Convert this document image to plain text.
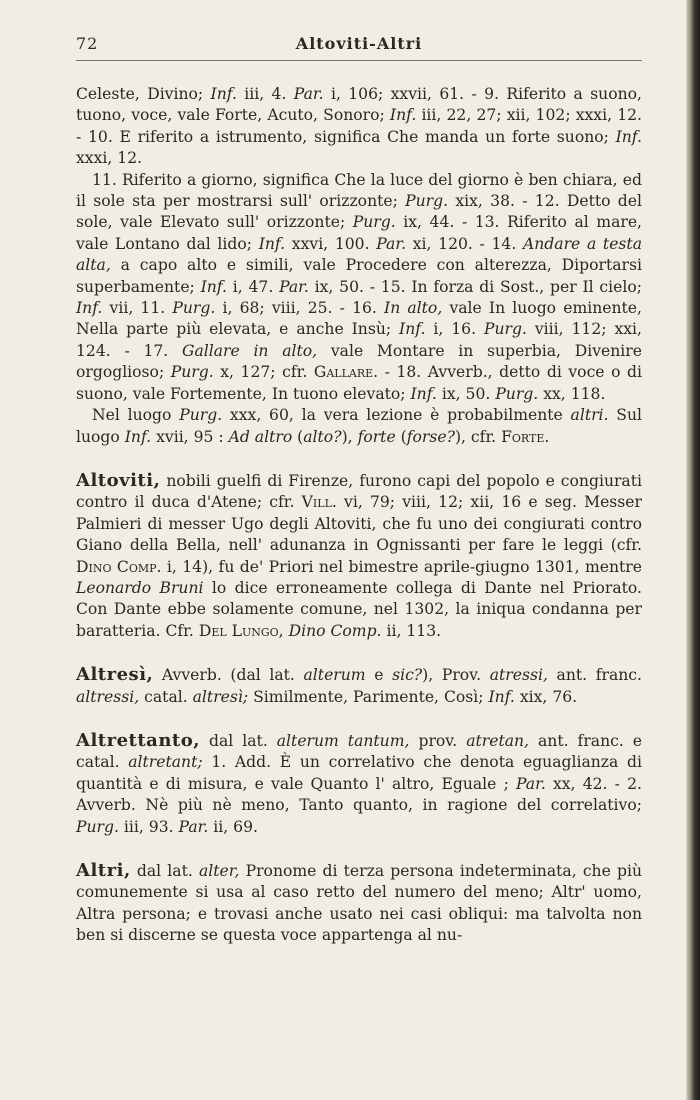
72	Altoviti-Altri

Celeste, Divino; Inf. iii, 4. Par. i, 106; xxvii, 61. - 9. Riferito a suono, tuono, voce, vale Forte, Acuto, Sonoro; Inf. iii, 22, 27; xii, 102; xxxi, 12. - 10. E riferito a istrumento, significa Che manda un forte suono; Inf. xxxi, 12.

11. Riferito a giorno, significa Che la luce del giorno è ben chiara, ed il sole sta per mostrarsi sull' orizzonte; Purg. xix, 38. - 12. Detto del sole, vale Elevato sull' orizzonte; Purg. ix, 44. - 13. Riferito al mare, vale Lontano dal lido; Inf. xxvi, 100. Par. xi, 120. - 14. Andare a testa alta, a capo alto e simili, vale Procedere con alterezza, Diportarsi superbamente; Inf. i, 47. Par. ix, 50. - 15. In forza di Sost., per Il cielo; Inf. vii, 11. Purg. i, 68; viii, 25. - 16. In alto, vale In luogo eminente, Nella parte più elevata, e anche Insù; Inf. i, 16. Purg. viii, 112; xxi, 124. - 17. Gallare in alto, vale Montare in superbia, Divenire orgoglioso; Purg. x, 127; cfr. Gallare. - 18. Avverb., detto di voce o di suono, vale Fortemente, In tuono elevato; Inf. ix, 50. Purg. xx, 118.

Nel luogo Purg. xxx, 60, la vera lezione è probabilmente altri. Sul luogo Inf. xvii, 95 : Ad altro (alto?), forte (forse?), cfr. Forte.

Altoviti, nobili guelfi di Firenze, furono capi del popolo e congiurati contro il duca d'Atene; cfr. Vill. vi, 79; viii, 12; xii, 16 e seg. Messer Palmieri di messer Ugo degli Altoviti, che fu uno dei congiurati contro Giano della Bella, nell' adunanza in Ognissanti per fare le leggi (cfr. Dino Comp. i, 14), fu de' Priori nel bimestre aprile-giugno 1301, mentre Leonardo Bruni lo dice erroneamente collega di Dante nel Priorato. Con Dante ebbe solamente comune, nel 1302, la iniqua condanna per baratteria. Cfr. Del Lungo, Dino Comp. ii, 113.

Altresì, Avverb. (dal lat. alterum e sic?), Prov. atressi, ant. franc. altressi, catal. altresì; Similmente, Parimente, Così; Inf. xix, 76.

Altrettanto, dal lat. alterum tantum, prov. atretan, ant. franc. e catal. altretant; 1. Add. È un correlativo che denota eguaglianza di quantità e di misura, e vale Quanto l' altro, Eguale ; Par. xx, 42. - 2. Avverb. Nè più nè meno, Tanto quanto, in ragione del correlativo; Purg. iii, 93. Par. ii, 69.

Altri, dal lat. alter, Pronome di terza persona indeterminata, che più comunemente si usa al caso retto del numero del meno; Altr' uomo, Altra persona; e trovasi anche usato nei casi obliqui: ma talvolta non ben si discerne se questa voce appartenga al nu-
